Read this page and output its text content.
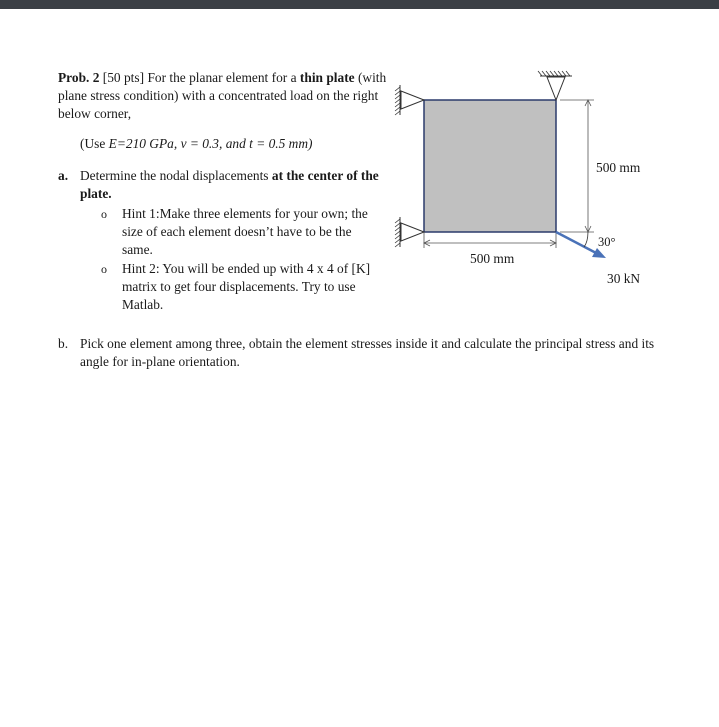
Prob. 2 [50 pts] For the planar element for a thin plate (with plane stress condition) with a concentrated load on the right below corner,
(Use E=210 GPa, ν = 0.3, and t = 0.5 mm)
a. Determine the nodal displacements at the center of the plate.
o Hint 1:Make three elements for your own; the size of each element doesn’t have to be the same.
o Hint 2: You will be ended up with 4 x 4 of [K] matrix to get four displacements. Try to use Matlab.
b. Pick one element among three, obtain the element stresses inside it and calculate the principal stress and its angle for in-plane orientation.
500 mm
500 mm
30°
30 kN
